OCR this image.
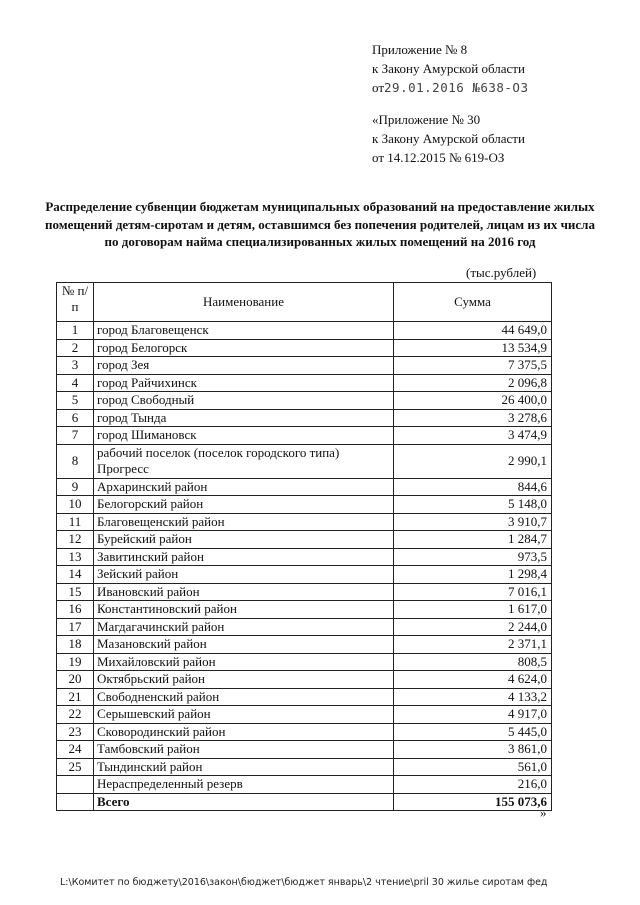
Приложение № 8
к Закону Амурской области
от29.01.2016 №638-ОЗ
«Приложение № 30
к Закону Амурской области
от 14.12.2015 № 619-ОЗ
Распределение субвенции бюджетам муниципальных образований на предоставление жилых помещений детям-сиротам и детям, оставшимся без попечения родителей, лицам из их числа по договорам найма специализированных жилых помещений на 2016 год
(тыс.рублей)
№ п/п	Наименование	Сумма
1	город Благовещенск	44 649,0
2	город Белогорск	13 534,9
3	город Зея	7 375,5
4	город Райчихинск	2 096,8
5	город Свободный	26 400,0
6	город Тында	3 278,6
7	город Шимановск	3 474,9
8	рабочий поселок (поселок городского типа) Прогресс	2 990,1
9	Архаринский район	844,6
10	Белогорский район	5 148,0
11	Благовещенский район	3 910,7
12	Бурейский район	1 284,7
13	Завитинский район	973,5
14	Зейский район	1 298,4
15	Ивановский район	7 016,1
16	Константиновский район	1 617,0
17	Магдагачинский район	2 244,0
18	Мазановский район	2 371,1
19	Михайловский район	808,5
20	Октябрьский район	4 624,0
21	Свободненский район	4 133,2
22	Серышевский район	4 917,0
23	Сковородинский район	5 445,0
24	Тамбовский район	3 861,0
25	Тындинский район	561,0
	Нераспределенный резерв	216,0
	Всего	155 073,6
»
L:\Комитет по бюджету\2016\закон\бюджет\бюджет январь\2 чтение\pril 30 жилье сиротам фед
